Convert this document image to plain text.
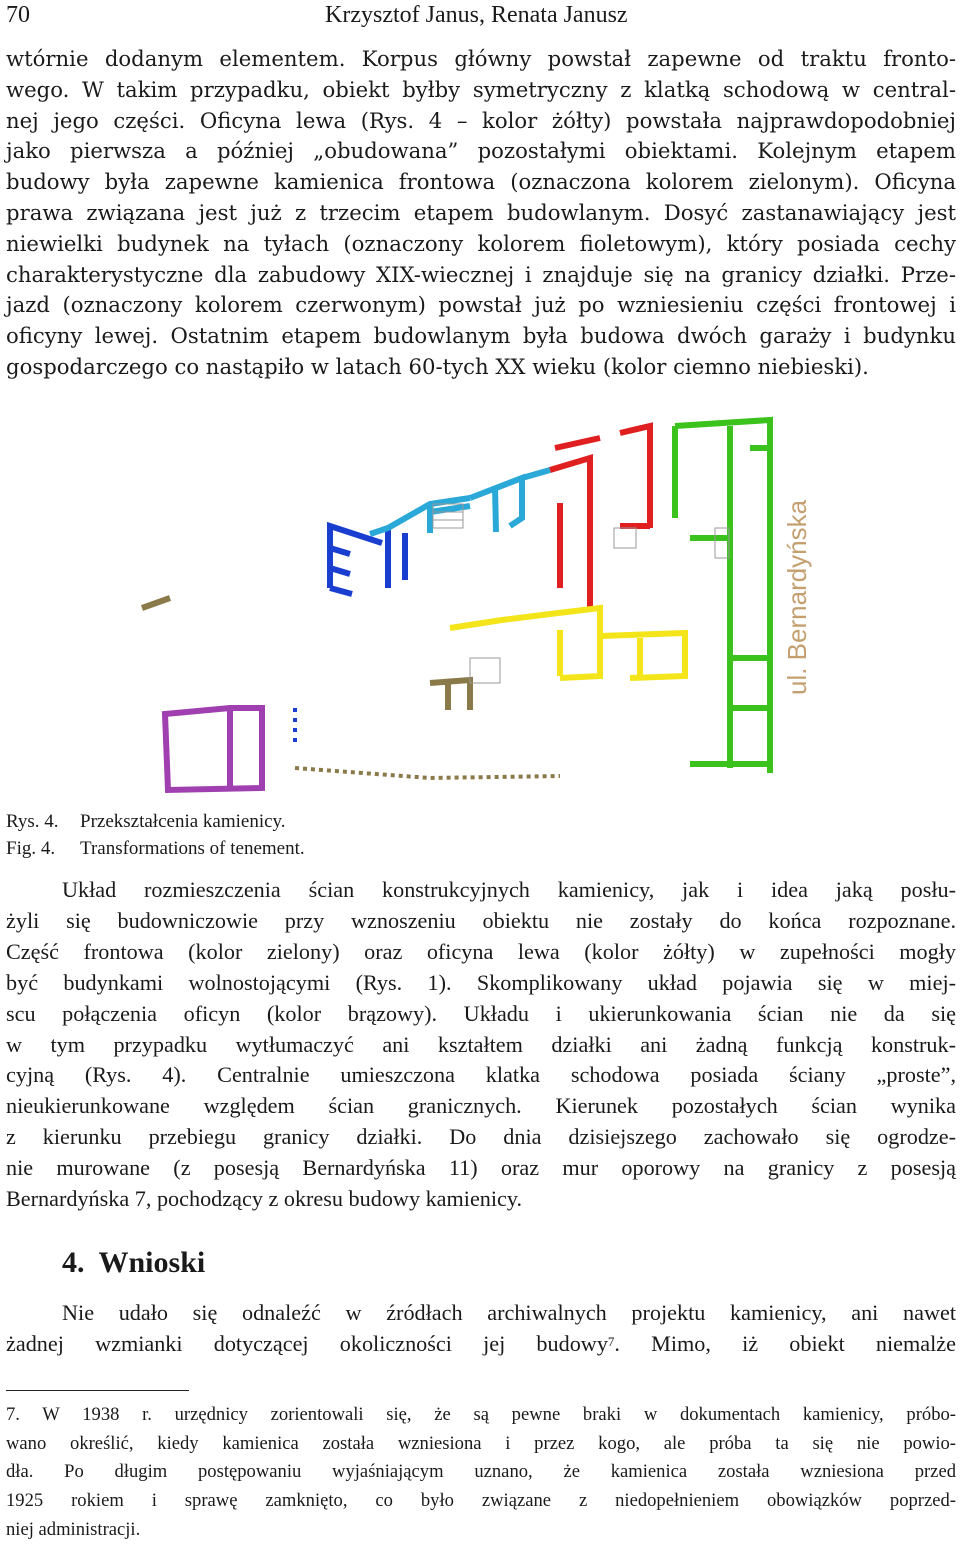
70	Krzysztof Janus, Renata Janusz
wtórnie dodanym elementem. Korpus główny powstał zapewne od traktu fronto-
wego. W takim przypadku, obiekt byłby symetryczny z klatką schodową w central-
nej jego części. Oficyna lewa (Rys. 4 – kolor żółty) powstała najprawdopodobniej
jako pierwsza a później „obudowana” pozostałymi obiektami. Kolejnym etapem
budowy była zapewne kamienica frontowa (oznaczona kolorem zielonym). Oficyna
prawa związana jest już z trzecim etapem budowlanym. Dosyć zastanawiający jest
niewielki budynek na tyłach (oznaczony kolorem fioletowym), który posiada cechy
charakterystyczne dla zabudowy XIX-wiecznej i znajduje się na granicy działki. Prze-
jazd (oznaczony kolorem czerwonym) powstał już po wzniesieniu części frontowej i
oficyny lewej. Ostatnim etapem budowlanym była budowa dwóch garaży i budynku
gospodarczego co nastąpiło w latach 60-tych XX wieku (kolor ciemno niebieski).
ul. Bernardyńska
Rys. 4. Przekształcenia kamienicy.
Fig. 4. Transformations of tenement.
Układ rozmieszczenia ścian konstrukcyjnych kamienicy, jak i idea jaką posłu-
żyli się budowniczowie przy wznoszeniu obiektu nie zostały do końca rozpoznane.
Część frontowa (kolor zielony) oraz oficyna lewa (kolor żółty) w zupełności mogły
być budynkami wolnostojącymi (Rys. 1). Skomplikowany układ pojawia się w miej-
scu połączenia oficyn (kolor brązowy). Układu i ukierunkowania ścian nie da się
w tym przypadku wytłumaczyć ani kształtem działki ani żadną funkcją konstruk-
cyjną (Rys. 4). Centralnie umieszczona klatka schodowa posiada ściany „proste”,
nieukierunkowane względem ścian granicznych. Kierunek pozostałych ścian wynika
z kierunku przebiegu granicy działki. Do dnia dzisiejszego zachowało się ogrodze-
nie murowane (z posesją Bernardyńska 11) oraz mur oporowy na granicy z posesją
Bernardyńska 7, pochodzący z okresu budowy kamienicy.
4. Wnioski
Nie udało się odnaleźć w źródłach archiwalnych projektu kamienicy, ani nawet
żadnej wzmianki dotyczącej okoliczności jej budowy$^7$. Mimo, iż obiekt niemalże
7. W 1938 r. urzędnicy zorientowali się, że są pewne braki w dokumentach kamienicy, próbo-
wano określić, kiedy kamienica została wzniesiona i przez kogo, ale próba ta się nie powio-
dła. Po długim postępowaniu wyjaśniającym uznano, że kamienica została wzniesiona przed
1925 rokiem i sprawę zamknięto, co było związane z niedopełnieniem obowiązków poprzed-
niej administracji.
